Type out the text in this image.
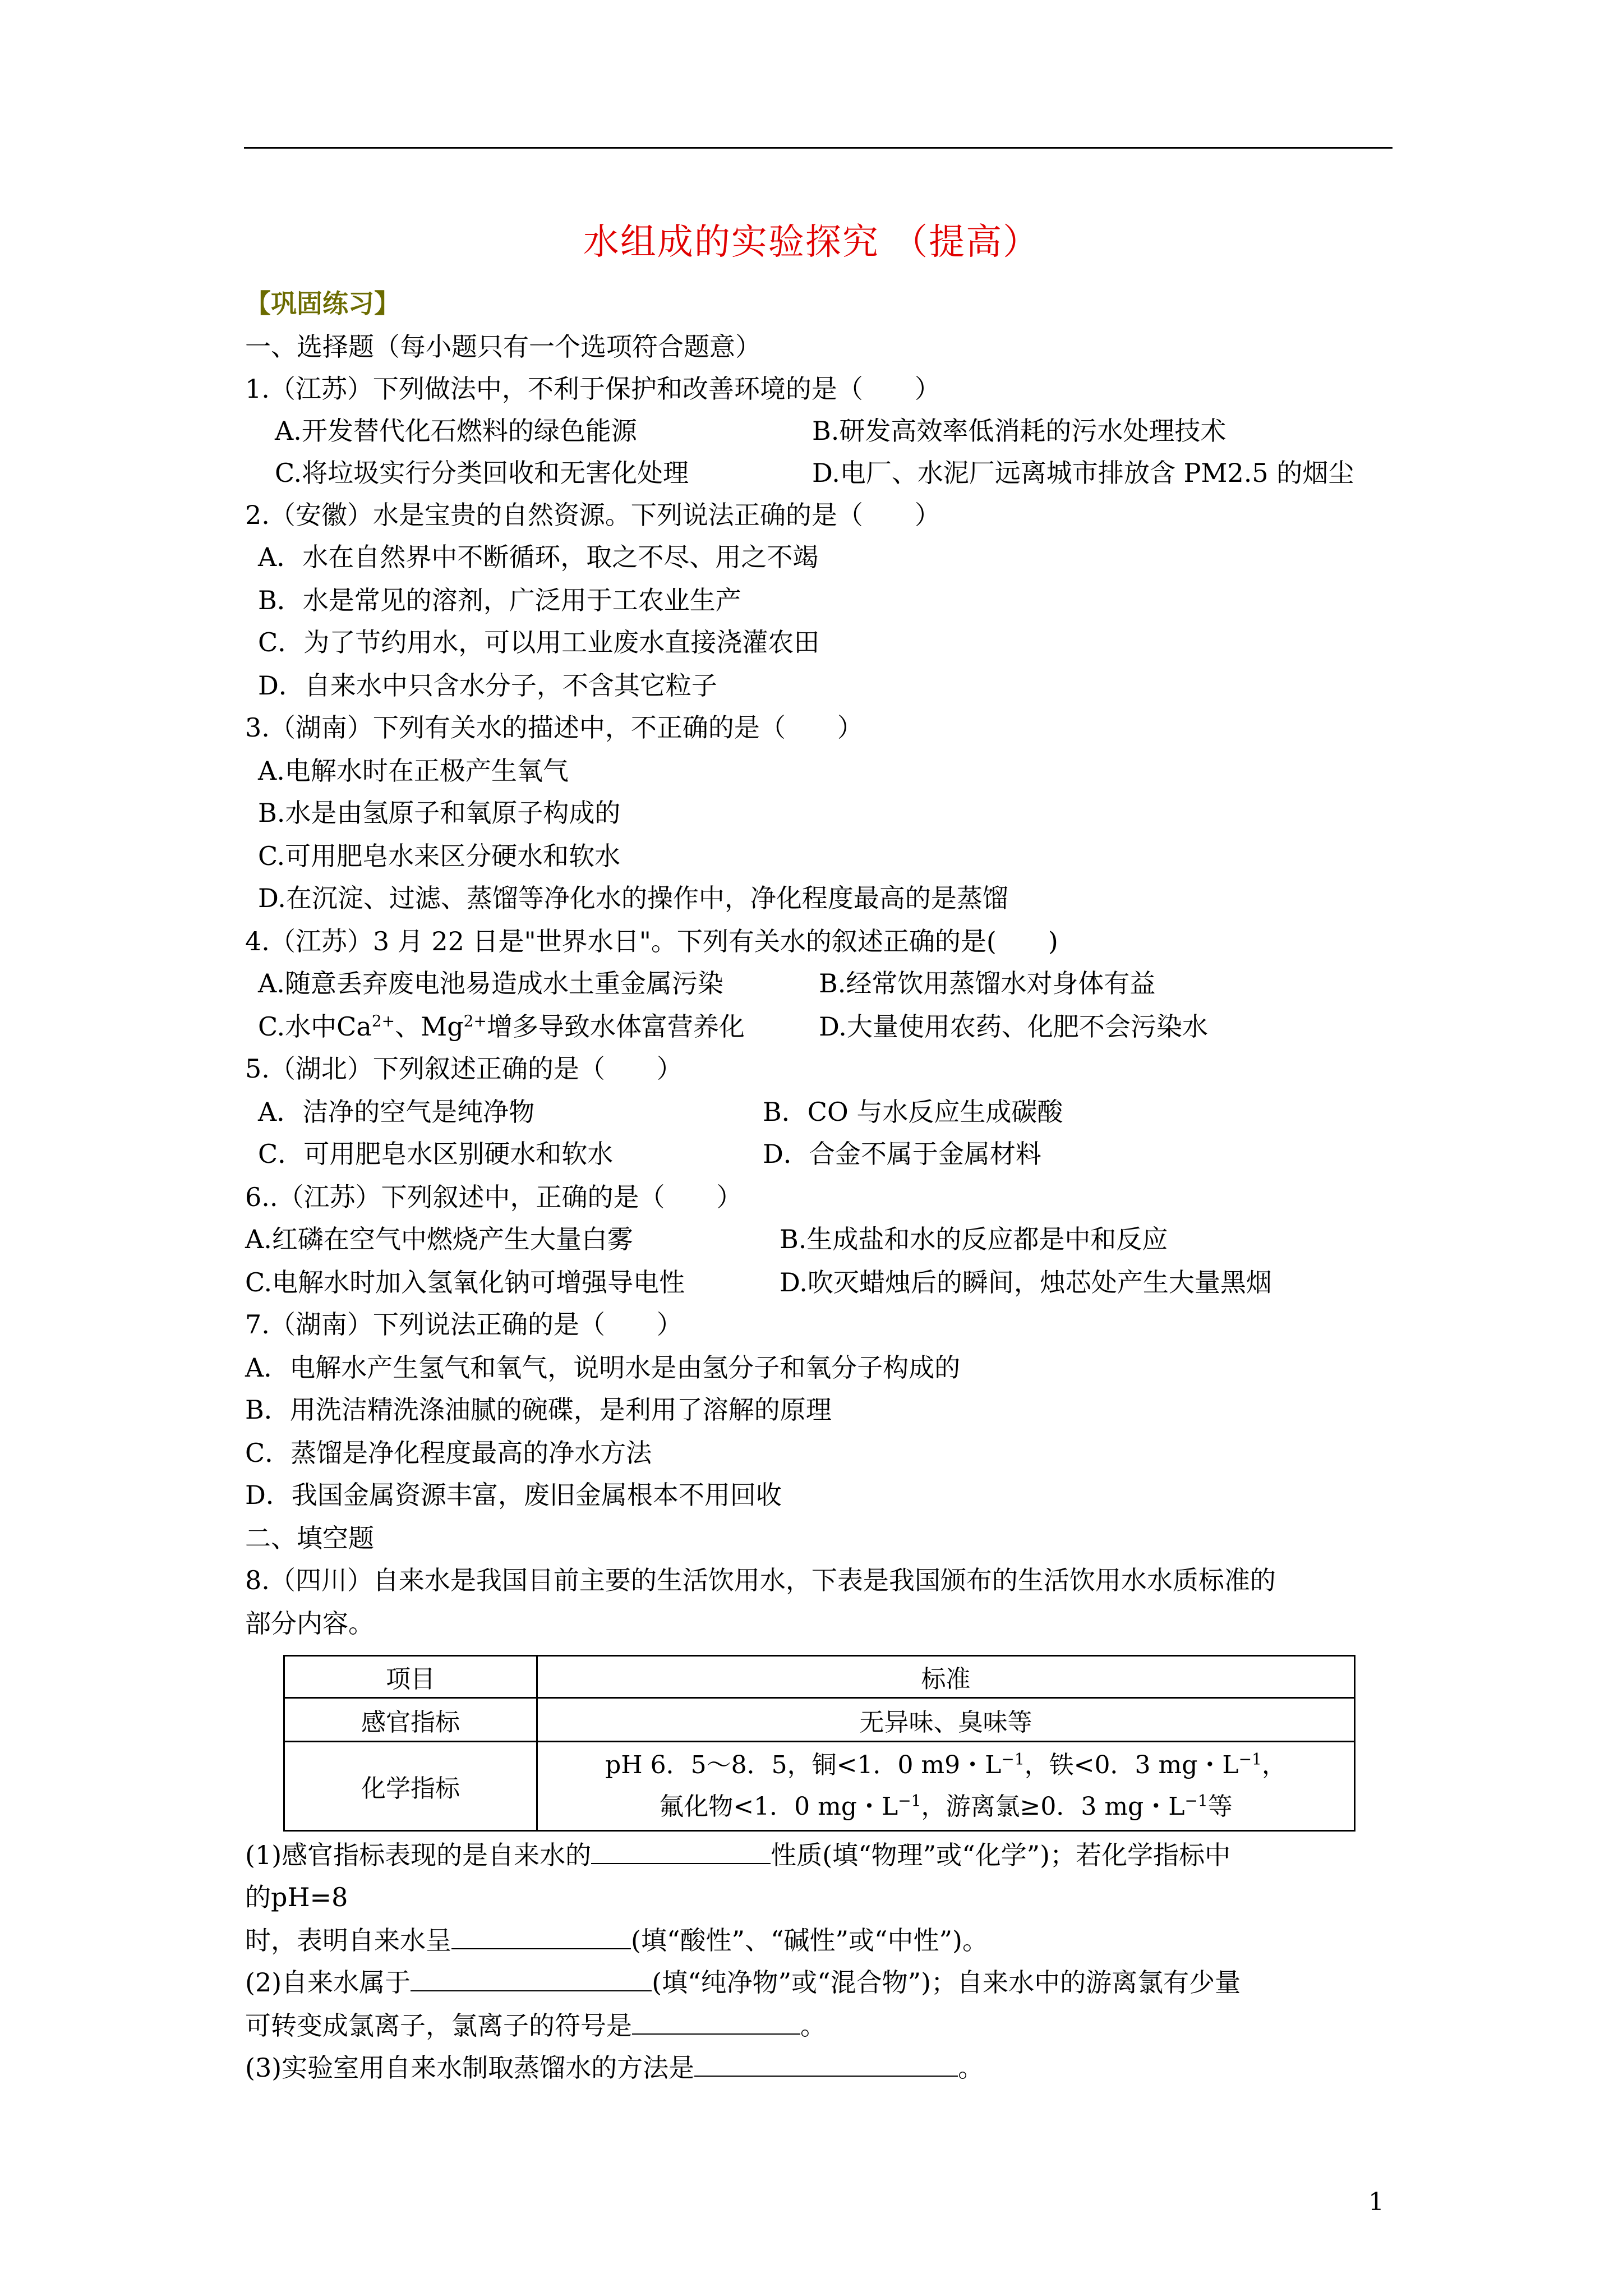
水组成的实验探究 （提高）
【巩固练习】
一、选择题（每小题只有一个选项符合题意）
1.（江苏）下列做法中，不利于保护和改善环境的是（　　）
A.开发替代化石燃料的绿色能源	B.研发高效率低消耗的污水处理技术
C.将垃圾实行分类回收和无害化处理	D.电厂、水泥厂远离城市排放含 PM2.5 的烟尘
2.（安徽）水是宝贵的自然资源。下列说法正确的是（　　）
A．水在自然界中不断循环，取之不尽、用之不竭
B．水是常见的溶剂，广泛用于工农业生产
C．为了节约用水，可以用工业废水直接浇灌农田
D．自来水中只含水分子，不含其它粒子
3.（湖南）下列有关水的描述中，不正确的是（　　）
A.电解水时在正极产生氧气
B.水是由氢原子和氧原子构成的
C.可用肥皂水来区分硬水和软水
D.在沉淀、过滤、蒸馏等净化水的操作中，净化程度最高的是蒸馏
4.（江苏）3 月 22 日是"世界水日"。下列有关水的叙述正确的是(　　)
A.随意丢弃废电池易造成水土重金属污染	B.经常饮用蒸馏水对身体有益
C.水中$Ca^{2+}$、$Mg^{2+}$增多导致水体富营养化	D.大量使用农药、化肥不会污染水
5.（湖北）下列叙述正确的是（　　）
A．洁净的空气是纯净物	B．CO 与水反应生成碳酸
C．可用肥皂水区别硬水和软水	D．合金不属于金属材料
6..（江苏）下列叙述中，正确的是（　　）
A.红磷在空气中燃烧产生大量白雾	B.生成盐和水的反应都是中和反应
C.电解水时加入氢氧化钠可增强导电性	D.吹灭蜡烛后的瞬间，烛芯处产生大量黑烟
7.（湖南）下列说法正确的是（　　）
A．电解水产生氢气和氧气，说明水是由氢分子和氧分子构成的
B．用洗洁精洗涤油腻的碗碟，是利用了溶解的原理
C．蒸馏是净化程度最高的净水方法
D．我国金属资源丰富，废旧金属根本不用回收
二、填空题
8.（四川）自来水是我国目前主要的生活饮用水，下表是我国颁布的生活饮用水水质标准的
部分内容。
项目	标准
感官指标	无异味、臭味等
化学指标	pH 6．5～8．5，铜<1．0 m9・$L^{-1}$，铁<0．3 mg・$L^{-1}$，
氟化物<1．0 mg・$L^{-1}$，游离氯≥0．3 mg・$L^{-1}$等
(1)感官指标表现的是自来水的	性质(填“物理”或“化学”)；若化学指标中
的pH=8
时，表明自来水呈	(填“酸性”、“碱性”或“中性”)。
(2)自来水属于	(填“纯净物”或“混合物”)；自来水中的游离氯有少量
可转变成氯离子，氯离子的符号是	。
(3)实验室用自来水制取蒸馏水的方法是	。
1
